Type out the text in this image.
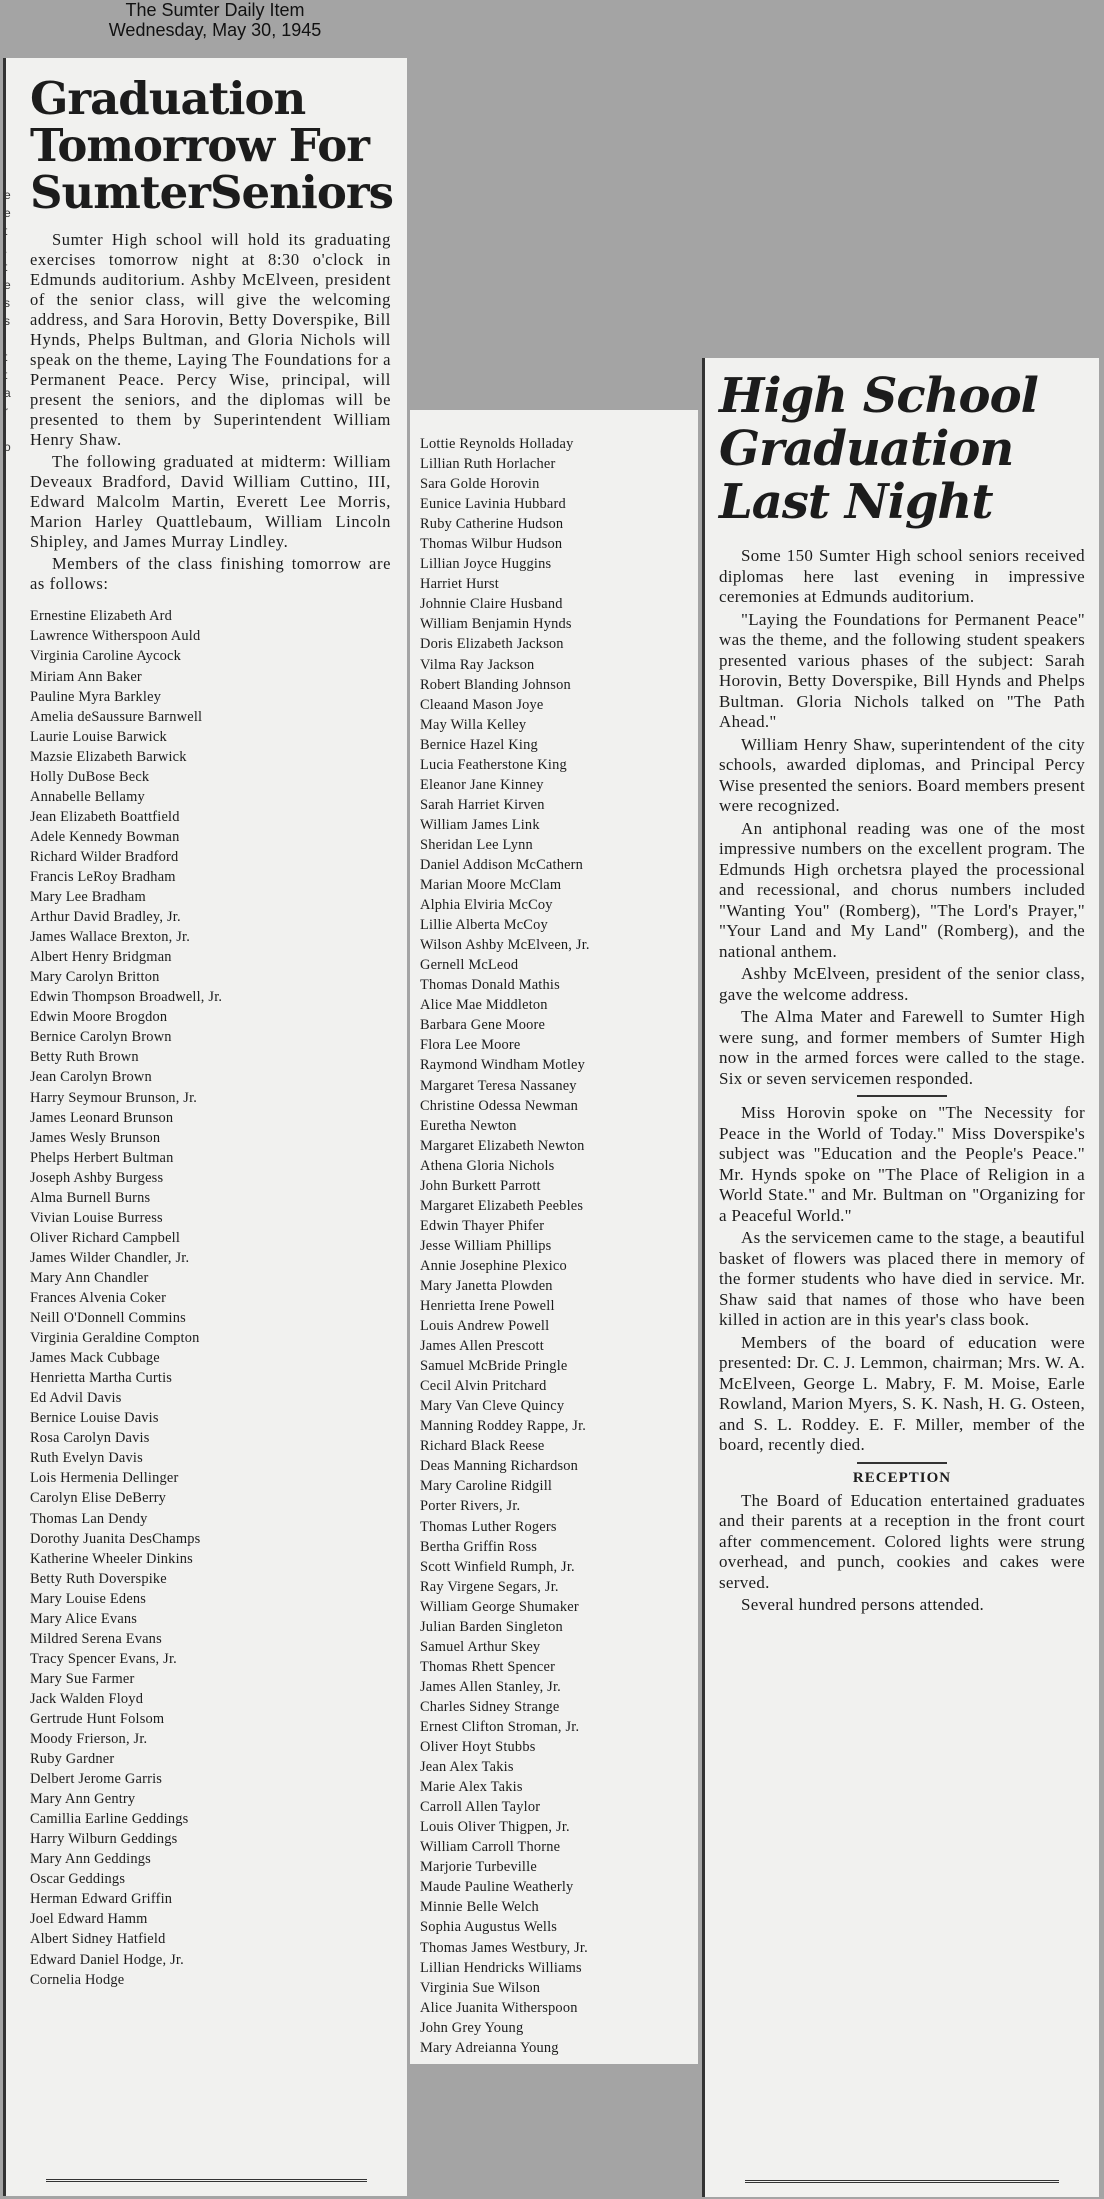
The Sumter Daily Item
Wednesday, May 30, 1945
l
e
e
t
.
t
e
s
s
i
t
t
a
r
i
o
l
i
Graduation Tomorrow For SumterSeniors

Sumter High school will hold its graduating exercises tomorrow night at 8:30 o'clock in Edmunds auditorium. Ashby McElveen, president of the senior class, will give the welcoming address, and Sara Horovin, Betty Doverspike, Bill Hynds, Phelps Bultman, and Gloria Nichols will speak on the theme, Laying The Foundations for a Permanent Peace. Percy Wise, principal, will present the seniors, and the diplomas will be presented to them by Superintendent William Henry Shaw.

The following graduated at midterm: William Deveaux Bradford, David William Cuttino, III, Edward Malcolm Martin, Everett Lee Morris, Marion Harley Quattlebaum, William Lincoln Shipley, and James Murray Lindley.

Members of the class finishing tomorrow are as follows:

Ernestine Elizabeth Ard
Lawrence Witherspoon Auld
Virginia Caroline Aycock
Miriam Ann Baker
Pauline Myra Barkley
Amelia deSaussure Barnwell
Laurie Louise Barwick
Mazsie Elizabeth Barwick
Holly DuBose Beck
Annabelle Bellamy
Jean Elizabeth Boattfield
Adele Kennedy Bowman
Richard Wilder Bradford
Francis LeRoy Bradham
Mary Lee Bradham
Arthur David Bradley, Jr.
James Wallace Brexton, Jr.
Albert Henry Bridgman
Mary Carolyn Britton
Edwin Thompson Broadwell, Jr.
Edwin Moore Brogdon
Bernice Carolyn Brown
Betty Ruth Brown
Jean Carolyn Brown
Harry Seymour Brunson, Jr.
James Leonard Brunson
James Wesly Brunson
Phelps Herbert Bultman
Joseph Ashby Burgess
Alma Burnell Burns
Vivian Louise Burress
Oliver Richard Campbell
James Wilder Chandler, Jr.
Mary Ann Chandler
Frances Alvenia Coker
Neill O'Donnell Commins
Virginia Geraldine Compton
James Mack Cubbage
Henrietta Martha Curtis
Ed Advil Davis
Bernice Louise Davis
Rosa Carolyn Davis
Ruth Evelyn Davis
Lois Hermenia Dellinger
Carolyn Elise DeBerry
Thomas Lan Dendy
Dorothy Juanita DesChamps
Katherine Wheeler Dinkins
Betty Ruth Doverspike
Mary Louise Edens
Mary Alice Evans
Mildred Serena Evans
Tracy Spencer Evans, Jr.
Mary Sue Farmer
Jack Walden Floyd
Gertrude Hunt Folsom
Moody Frierson, Jr.
Ruby Gardner
Delbert Jerome Garris
Mary Ann Gentry
Camillia Earline Geddings
Harry Wilburn Geddings
Mary Ann Geddings
Oscar Geddings
Herman Edward Griffin
Joel Edward Hamm
Albert Sidney Hatfield
Edward Daniel Hodge, Jr.
Cornelia Hodge
Lottie Reynolds Holladay
Lillian Ruth Horlacher
Sara Golde Horovin
Eunice Lavinia Hubbard
Ruby Catherine Hudson
Thomas Wilbur Hudson
Lillian Joyce Huggins
Harriet Hurst
Johnnie Claire Husband
William Benjamin Hynds
Doris Elizabeth Jackson
Vilma Ray Jackson
Robert Blanding Johnson
Cleaand Mason Joye
May Willa Kelley
Bernice Hazel King
Lucia Featherstone King
Eleanor Jane Kinney
Sarah Harriet Kirven
William James Link
Sheridan Lee Lynn
Daniel Addison McCathern
Marian Moore McClam
Alphia Elviria McCoy
Lillie Alberta McCoy
Wilson Ashby McElveen, Jr.
Gernell McLeod
Thomas Donald Mathis
Alice Mae Middleton
Barbara Gene Moore
Flora Lee Moore
Raymond Windham Motley
Margaret Teresa Nassaney
Christine Odessa Newman
Euretha Newton
Margaret Elizabeth Newton
Athena Gloria Nichols
John Burkett Parrott
Margaret Elizabeth Peebles
Edwin Thayer Phifer
Jesse William Phillips
Annie Josephine Plexico
Mary Janetta Plowden
Henrietta Irene Powell
Louis Andrew Powell
James Allen Prescott
Samuel McBride Pringle
Cecil Alvin Pritchard
Mary Van Cleve Quincy
Manning Roddey Rappe, Jr.
Richard Black Reese
Deas Manning Richardson
Mary Caroline Ridgill
Porter Rivers, Jr.
Thomas Luther Rogers
Bertha Griffin Ross
Scott Winfield Rumph, Jr.
Ray Virgene Segars, Jr.
William George Shumaker
Julian Barden Singleton
Samuel Arthur Skey
Thomas Rhett Spencer
James Allen Stanley, Jr.
Charles Sidney Strange
Ernest Clifton Stroman, Jr.
Oliver Hoyt Stubbs
Jean Alex Takis
Marie Alex Takis
Carroll Allen Taylor
Louis Oliver Thigpen, Jr.
William Carroll Thorne
Marjorie Turbeville
Maude Pauline Weatherly
Minnie Belle Welch
Sophia Augustus Wells
Thomas James Westbury, Jr.
Lillian Hendricks Williams
Virginia Sue Wilson
Alice Juanita Witherspoon
John Grey Young
Mary Adreianna Young
High School Graduation Last Night

Some 150 Sumter High school seniors received diplomas here last evening in impressive ceremonies at Edmunds auditorium.

"Laying the Foundations for Permanent Peace" was the theme, and the following student speakers presented various phases of the subject: Sarah Horovin, Betty Doverspike, Bill Hynds and Phelps Bultman. Gloria Nichols talked on "The Path Ahead."

William Henry Shaw, superintendent of the city schools, awarded diplomas, and Principal Percy Wise presented the seniors. Board members present were recognized.

An antiphonal reading was one of the most impressive numbers on the excellent program. The Edmunds High orchetsra played the processional and recessional, and chorus numbers included "Wanting You" (Romberg), "The Lord's Prayer," "Your Land and My Land" (Romberg), and the national anthem.

Ashby McElveen, president of the senior class, gave the welcome address.

The Alma Mater and Farewell to Sumter High were sung, and former members of Sumter High now in the armed forces were called to the stage. Six or seven servicemen responded.

Miss Horovin spoke on "The Necessity for Peace in the World of Today." Miss Doverspike's subject was "Education and the People's Peace." Mr. Hynds spoke on "The Place of Religion in a World State." and Mr. Bultman on "Organizing for a Peaceful World."

As the servicemen came to the stage, a beautiful basket of flowers was placed there in memory of the former students who have died in service. Mr. Shaw said that names of those who have been killed in action are in this year's class book.

Members of the board of education were presented: Dr. C. J. Lemmon, chairman; Mrs. W. A. McElveen, George L. Mabry, F. M. Moise, Earle Rowland, Marion Myers, S. K. Nash, H. G. Osteen, and S. L. Roddey. E. F. Miller, member of the board, recently died.

RECEPTION

The Board of Education entertained graduates and their parents at a reception in the front court after commencement. Colored lights were strung overhead, and punch, cookies and cakes were served.

Several hundred persons attended.
